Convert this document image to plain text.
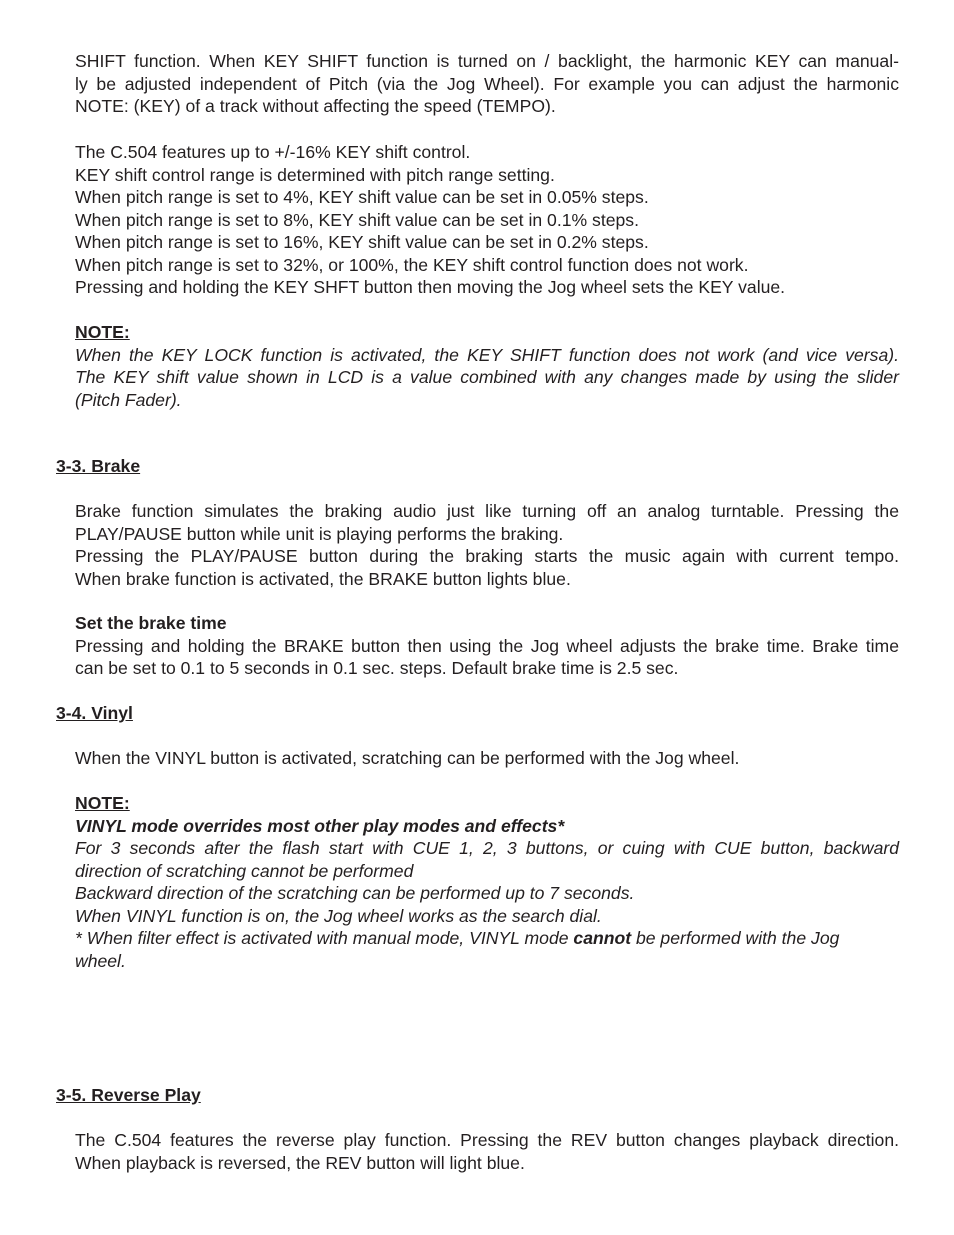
SHIFT function. When KEY SHIFT function is turned on / backlight, the harmonic KEY can manual-
ly be adjusted independent of Pitch (via the Jog Wheel). For example you can adjust the harmonic
NOTE: (KEY) of a track without affecting the speed (TEMPO).
The C.504 features up to +/-16% KEY shift control.
KEY shift control range is determined with pitch range setting.
When pitch range is set to 4%, KEY shift value can be set in 0.05% steps.
When pitch range is set to 8%, KEY shift value can be set in 0.1% steps.
When pitch range is set to 16%, KEY shift value can be set in 0.2% steps.
When pitch range is set to 32%, or 100%, the KEY shift control function does not work.
Pressing and holding the KEY SHFT button then moving the Jog wheel sets the KEY value.
NOTE:
When the KEY LOCK function is activated, the KEY SHIFT function does not work (and vice versa).
The KEY shift value shown in LCD is a value combined with any changes made by using the slider
(Pitch Fader).
3-3. Brake
Brake function simulates the braking audio just like turning off an analog turntable. Pressing the
PLAY/PAUSE button while unit is playing performs the braking.
Pressing the PLAY/PAUSE button during the braking starts the music again with current tempo.
When brake function is activated, the BRAKE button lights blue.
Set the brake time
Pressing and holding the BRAKE button then using the Jog wheel adjusts the brake time. Brake time
can be set to 0.1 to 5 seconds in 0.1 sec. steps. Default brake time is 2.5 sec.
3-4. Vinyl
When the VINYL button is activated, scratching can be performed with the Jog wheel.
NOTE:
VINYL mode overrides most other play modes and effects*
For 3 seconds after the flash start with CUE 1, 2, 3 buttons, or cuing with CUE button, backward
direction of scratching cannot be performed
Backward direction of the scratching can be performed up to 7 seconds.
When VINYL function is on, the Jog wheel works as the search dial.
* When filter effect is activated with manual mode, VINYL mode cannot be performed with the Jog
wheel.
3-5. Reverse Play
The C.504 features the reverse play function. Pressing the REV button changes playback direction.
When playback is reversed, the REV button will light blue.
